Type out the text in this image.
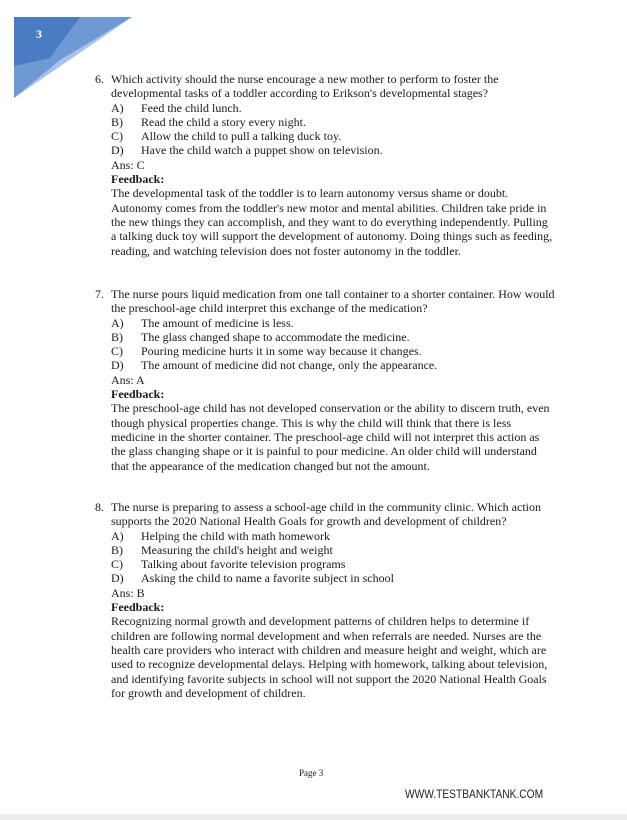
3
6. Which activity should the nurse encourage a new mother to perform to foster the developmental tasks of a toddler according to Erikson's developmental stages?
A)	Feed the child lunch.
B)	Read the child a story every night.
C)	Allow the child to pull a talking duck toy.
D)	Have the child watch a puppet show on television.
Ans: C
Feedback:
The developmental task of the toddler is to learn autonomy versus shame or doubt. Autonomy comes from the toddler's new motor and mental abilities. Children take pride in the new things they can accomplish, and they want to do everything independently. Pulling a talking duck toy will support the development of autonomy. Doing things such as feeding, reading, and watching television does not foster autonomy in the toddler.
7. The nurse pours liquid medication from one tall container to a shorter container. How would the preschool-age child interpret this exchange of the medication?
A)	The amount of medicine is less.
B)	The glass changed shape to accommodate the medicine.
C)	Pouring medicine hurts it in some way because it changes.
D)	The amount of medicine did not change, only the appearance.
Ans: A
Feedback:
The preschool-age child has not developed conservation or the ability to discern truth, even though physical properties change. This is why the child will think that there is less medicine in the shorter container. The preschool-age child will not interpret this action as the glass changing shape or it is painful to pour medicine. An older child will understand that the appearance of the medication changed but not the amount.
8. The nurse is preparing to assess a school-age child in the community clinic. Which action supports the 2020 National Health Goals for growth and development of children?
A)	Helping the child with math homework
B)	Measuring the child's height and weight
C)	Talking about favorite television programs
D)	Asking the child to name a favorite subject in school
Ans: B
Feedback:
Recognizing normal growth and development patterns of children helps to determine if children are following normal development and when referrals are needed. Nurses are the health care providers who interact with children and measure height and weight, which are used to recognize developmental delays. Helping with homework, talking about television, and identifying favorite subjects in school will not support the 2020 National Health Goals for growth and development of children.
Page 3
WWW.TESTBANKTANK.COM
